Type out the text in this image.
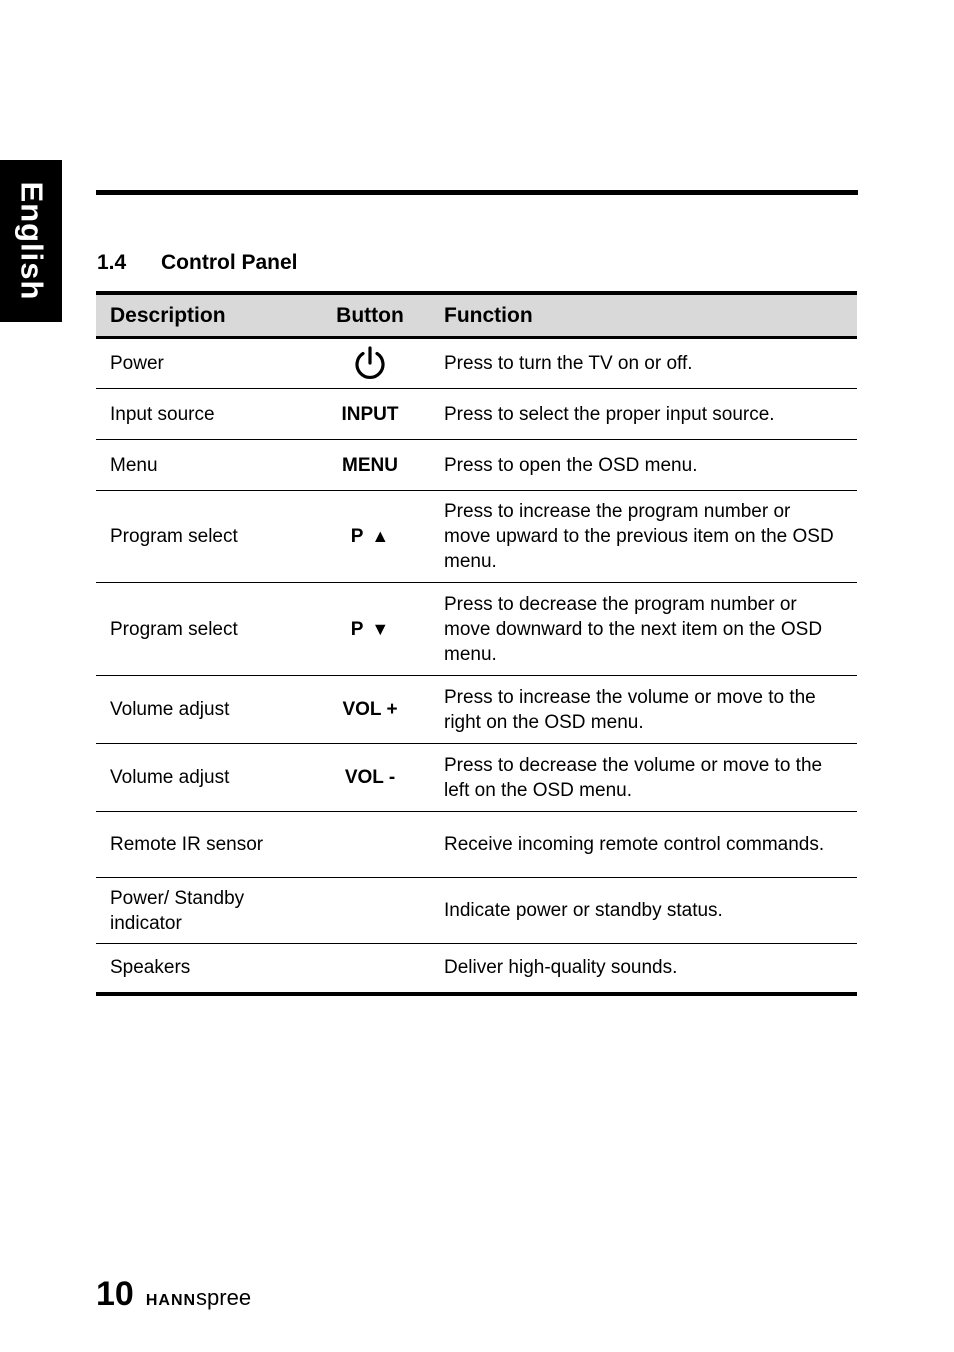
English 1.4 Control Panel
Description	Button	Function
Power		Press to turn the TV on or off.
Input source	INPUT	Press to select the proper input source.
Menu	MENU	Press to open the OSD menu.
Program select	P ▲	Press to increase the program number or move upward to the previous item on the OSD menu.
Program select	P ▼	Press to decrease the program number or move downward to the next item on the OSD menu.
Volume adjust	VOL +	Press to increase the volume or move to the right on the OSD menu.
Volume adjust	VOL -	Press to decrease the volume or move to the left on the OSD menu.
Remote IR sensor		Receive incoming remote control commands.
Power/ Standby indicator		Indicate power or standby status.
Speakers		Deliver high-quality sounds.
10 HANNspree
